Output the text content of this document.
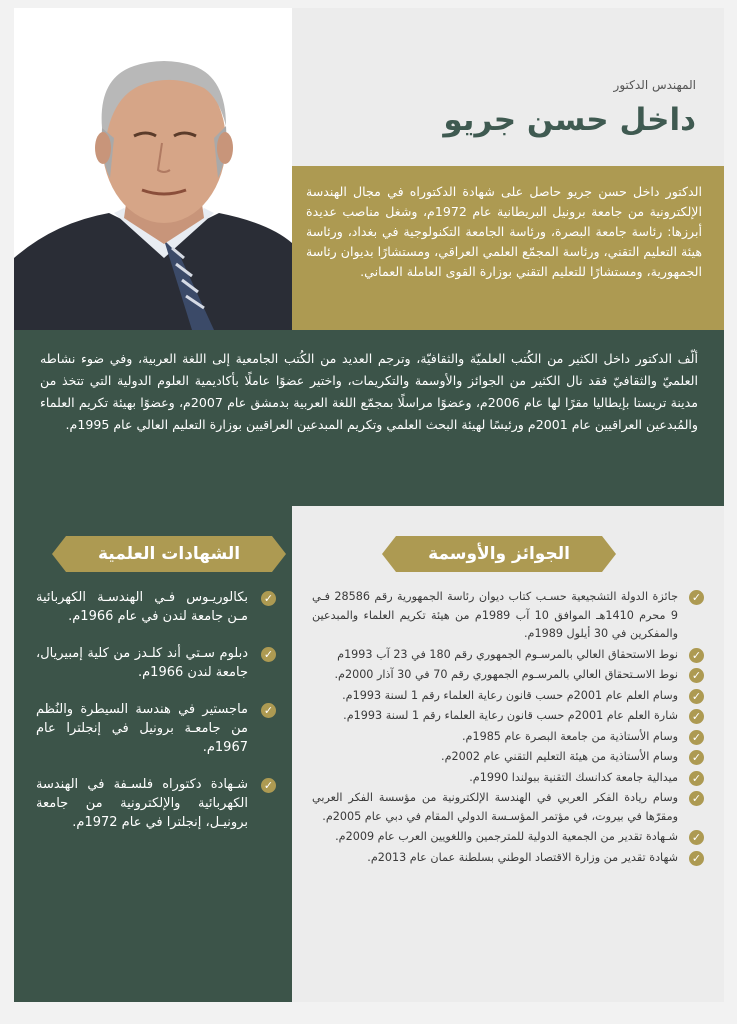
المهندس الدكتور
داخل حسن جريو
الدكتور داخل حسن جريو حاصل على شهادة الدكتوراه في مجال الهندسة الإلكترونية من جامعة برونيل البريطانية عام 1972م، وشغل مناصب عديدة أبرزها: رئاسة جامعة البصرة، ورئاسة الجامعة التكنولوجية في بغداد، ورئاسة هيئة التعليم التقني، ورئاسة المجمّع العلمي العراقي، ومستشارًا بديوان رئاسة الجمهورية، ومستشارًا للتعليم التقني بوزارة القوى العاملة العماني.
ألّف الدكتور داخل الكثير من الكُتب العلميّة والثقافيّة، وترجم العديد من الكُتب الجامعية إلى اللغة العربية، وفي ضوء نشاطه العلميّ والثقافيّ فقد نال الكثير من الجوائز والأوسمة والتكريمات، واختير عضوًا عاملًا بأكاديمية العلوم الدولية التي تتخذ من مدينة تريستا بإيطاليا مقرًا لها عام 2006م، وعضوًا مراسلًا بمجمّع اللغة العربية بدمشق عام 2007م، وعضوًا بهيئة تكريم العلماء والمُبدعين العراقيين عام 2001م ورئيسًا لهيئة البحث العلمي وتكريم المبدعين العراقيين بوزارة التعليم العالي عام 1995م.
الجوائز والأوسمة
✓
جائزة الدولة التشجيعية حسـب كتاب ديوان رئاسة الجمهورية رقم 28586 فـي 9 محرم 1410هـ الموافق 10 آب 1989م من هيئة تكريم العلماء والمبدعين والمفكرين في 30 أيلول 1989م.
✓
نوط الاستحقاق العالي بالمرسـوم الجمهوري رقم 180 في 23 آب 1993م
✓
نوط الاسـتحقاق العالي بالمرسـوم الجمهوري رقم 70 في 30 آذار 2000م.
✓
وسام العلم عام 2001م حسب قانون رعاية العلماء رقم 1 لسنة 1993م.
✓
شارة العلم عام 2001م حسب قانون رعاية العلماء رقم 1 لسنة 1993م.
✓
وسام الأستاذية من جامعة البصرة عام 1985م.
✓
وسام الأستاذية من هيئة التعليم التقني عام 2002م.
✓
ميدالية جامعة كدانسك التقنية ببولندا 1990م.
✓
وسام ريادة الفكر العربي في الهندسة الإلكترونية من مؤسسة الفكر العربي ومقرّها في بيروت، في مؤتمر المؤسـسة الدولي المقام في دبي عام 2005م.
✓
شـهادة تقدير من الجمعية الدولية للمترجمين واللغويين العرب عام 2009م.
✓
شهادة تقدير من وزارة الاقتصاد الوطني بسلطنة عمان عام 2013م.
الشهادات العلمية
✓
بكالوريـوس فـي الهندسـة الكهربائية مـن جامعة لندن في عام 1966م.
✓
دبلوم سـتي أند كلـدز من كلية إمبيريال، جامعة لندن 1966م.
✓
ماجستير في هندسة السيطرة والنُظم من جامعـة برونيل في إنجلترا عام 1967م.
✓
شـهادة دكتوراه فلسـفة في الهندسة الكهربائية والإلكترونية من جامعة برونيـل، إنجلترا في عام 1972م.
